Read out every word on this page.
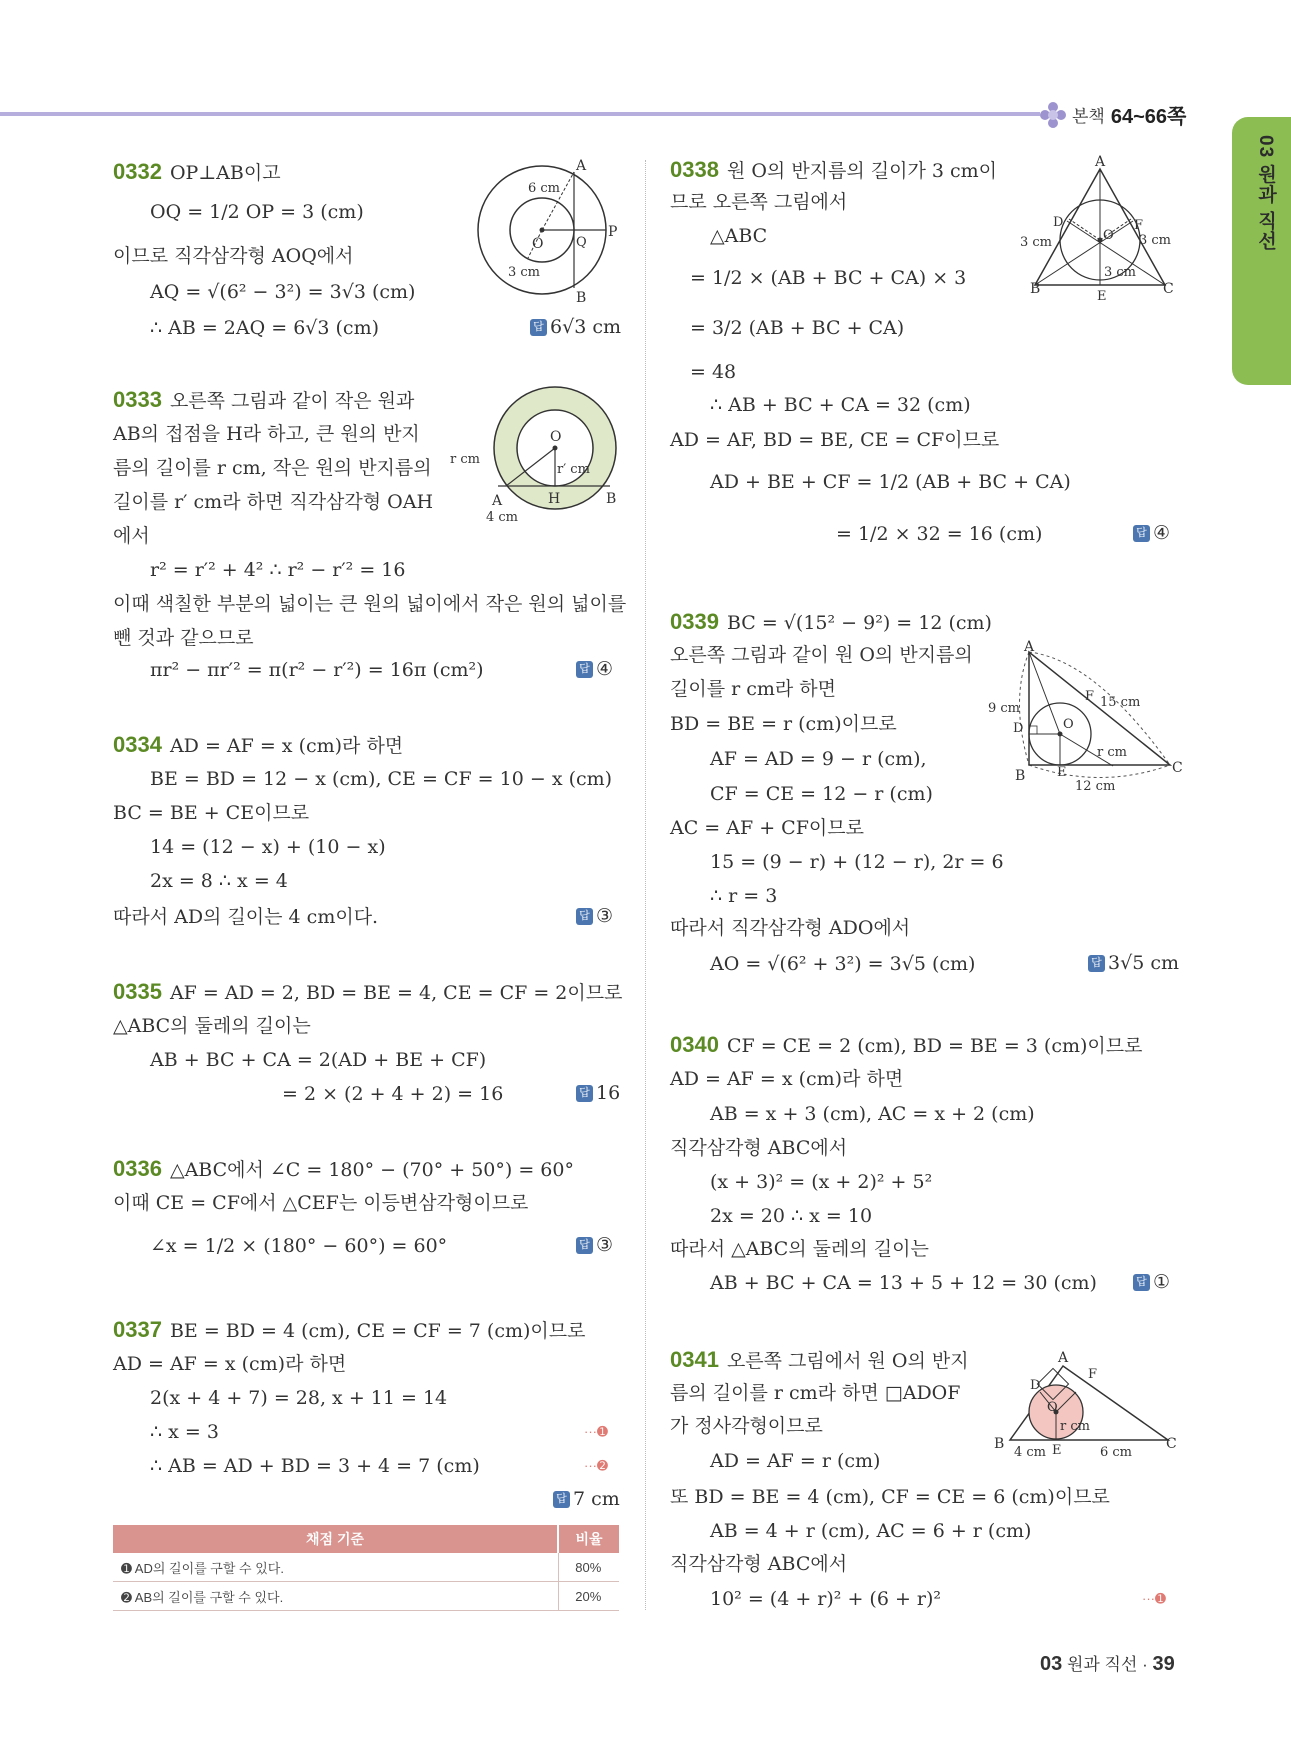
본책 64~66쪽
03 원과 직선
0332 OP⊥AB이고
OQ = 1/2 OP = 3 (cm)
이므로 직각삼각형 AOQ에서
AQ = √(6² − 3²) = 3√3 (cm)
∴ AB = 2AQ = 6√3 (cm)	답 6√3 cm
6 cm
3 cm
A
B
O	Q
P
0333 오른쪽 그림과 같이 작은 원과
AB의 접점을 H라 하고, 큰 원의 반지
름의 길이를 r cm, 작은 원의 반지름의
길이를 r′ cm라 하면 직각삼각형 OAH
에서
r² = r′² + 4² ∴ r² − r′² = 16
이때 색칠한 부분의 넓이는 큰 원의 넓이에서 작은 원의 넓이를
뺀 것과 같으므로
πr² − πr′² = π(r² − r′²) = 16π (cm²)	답 ④
O
r cm
r′ cm
A	H	B
4 cm
0334 AD = AF = x (cm)라 하면
BE = BD = 12 − x (cm), CE = CF = 10 − x (cm)
BC = BE + CE이므로
14 = (12 − x) + (10 − x)
2x = 8 ∴ x = 4
따라서 AD의 길이는 4 cm이다.	답 ③
0335 AF = AD = 2, BD = BE = 4, CE = CF = 2이므로
△ABC의 둘레의 길이는
AB + BC + CA = 2(AD + BE + CF)
= 2 × (2 + 4 + 2) = 16	답 16
0336 △ABC에서 ∠C = 180° − (70° + 50°) = 60°
이때 CE = CF에서 △CEF는 이등변삼각형이므로
∠x = 1/2 × (180° − 60°) = 60°	답 ③
0337 BE = BD = 4 (cm), CE = CF = 7 (cm)이므로
AD = AF = x (cm)라 하면
2(x + 4 + 7) = 28, x + 11 = 14
∴ x = 3
∴ AB = AD + BD = 3 + 4 = 7 (cm)
···➊
···➋
답 7 cm
채점 기준	비율
➊ AD의 길이를 구할 수 있다.	80%
➋ AB의 길이를 구할 수 있다.	20%
0338 원 O의 반지름의 길이가 3 cm이
므로 오른쪽 그림에서
△ABC
= 1/2 × (AB + BC + CA) × 3
= 3/2 (AB + BC + CA)
= 48
∴ AB + BC + CA = 32 (cm)
AD = AF, BD = BE, CE = CF이므로
AD + BE + CF = 1/2 (AB + BC + CA)
= 1/2 × 32 = 16 (cm)	답 ④
A
B	C
D
E
F
O
3 cm	3 cm
3 cm
0339 BC = √(15² − 9²) = 12 (cm)
오른쪽 그림과 같이 원 O의 반지름의
길이를 r cm라 하면
BD = BE = r (cm)이므로
AF = AD = 9 − r (cm),
CF = CE = 12 − r (cm)
AC = AF + CF이므로
15 = (9 − r) + (12 − r), 2r = 6
∴ r = 3
따라서 직각삼각형 ADO에서
AO = √(6² + 3²) = 3√5 (cm)	답 3√5 cm
A
B	C
D
E
F
O
9 cm	15 cm
12 cm
r cm
0340 CF = CE = 2 (cm), BD = BE = 3 (cm)이므로
AD = AF = x (cm)라 하면
AB = x + 3 (cm), AC = x + 2 (cm)
직각삼각형 ABC에서
(x + 3)² = (x + 2)² + 5²
2x = 20 ∴ x = 10
따라서 △ABC의 둘레의 길이는
AB + BC + CA = 13 + 5 + 12 = 30 (cm)	답 ①
0341 오른쪽 그림에서 원 O의 반지
름의 길이를 r cm라 하면 □ADOF
가 정사각형이므로
AD = AF = r (cm)
또 BD = BE = 4 (cm), CF = CE = 6 (cm)이므로
AB = 4 + r (cm), AC = 6 + r (cm)
직각삼각형 ABC에서
10² = (4 + r)² + (6 + r)²	···➊
A
B	C
D
E
F
O
4 cm	6 cm
r cm
03 원과 직선 · 39
